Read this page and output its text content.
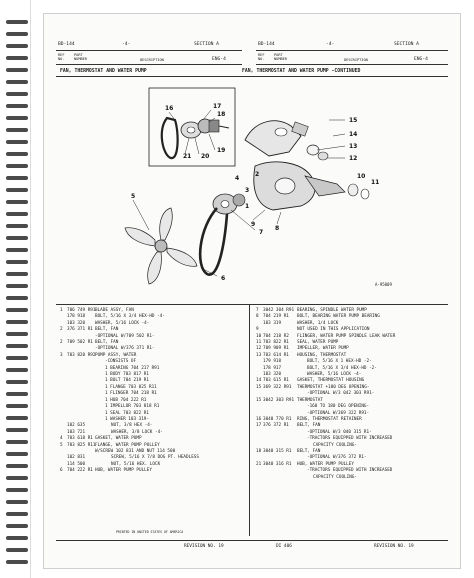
BD-144	-4-	SECTION A
REF
NO.
PART
NUMBER	DESCRIPTION	ENG-4
BD-144	-4-	SECTION A
REF
NO.
PART
NUMBER	DESCRIPTION	ENG-4
FAN, THERMOSTAT AND WATER PUMP	FAN, THERMOSTAT AND WATER PUMP -CONTINUED
16	17
18
19
20
21
15
14
13
12
11
10
9
8
7
6
5
4
3
2
1
A-95009
1	706 749 R91 BLADE ASSY, FAN
178 918	BOLT, 5/16 X 3/4 HEX-HD -4-
103 320	WASHER, 5/16 LOCK -4-
2	376 371 R1 BELT, FAN
-OPTIONAL W/709 502 R1-
2	709 502 R1 BELT, FAN
-OPTIONAL W/376 371 R1-
3	703 820 R92 PUMP ASSY, WATER
-CONSISTS OF
1 BEARING 704 217 R91
1 BODY 703 817 R1
1 BOLT 704 219 R1
1 FLANGE 703 825 R11
1 FLINGER 704 218 R1
1 HUB 704 222 R1
1 IMPELLOR 703 818 R1
1 SEAL 703 822 R1
1 WASHER 103 319-
102 635	NUT, 3/8 HEX -4-
103 721	WASHER, 3/8 LOCK -4-
4	703 618 R1 GASKET, WATER PUMP
5	703 825 R11 FLANGE, WATER PUMP PULLEY
W/SCREW 102 831 AND NUT 114 500
102 831	SCREW, 5/16 X 7/8 DOG PT. HEADLESS
114 500	NUT, 5/16 HEX. LOCK
6	704 222 R1 HUB, WATER PUMP PULLEY
7	3042 304 R91 BEARING, SPINDLE WATER PUMP
8	704 219 R1	BOLT, BEARING WATER PUMP BEARING
103 319	WASHER, 1/4 LOCK
9	NOT USED IN THIS APPLICATION
10 704 218 R2	FLINGER, WATER PUMP SPINDLE LEAK WATER
11 703 822 R1	SEAL, WATER PUMP
12 709 909 R1	IMPELLER, WATER PUMP
13 703 614 R1	HOUSING, THERMOSTAT
179 918	BOLT, 5/16 X 1 HEX-HD -2-
178 917	BOLT, 5/16 X 3/4 HEX-HD -2-
103 320	WASHER, 5/16 LOCK -4-
14 703 615 R1	GASKET, THERMOSTAT HOUSING
15 369 322 R91	THERMOSTAT +180 DEG OPENING-
-OPTIONAL W/3 042 303 R91-
15 3042 303 R91 THERMOSTAT
-160 TO 180 DEG OPENING-
-OPTIONAL W/369 322 R91-
16 3040 770 R1	RING, THERMOSTAT RETAINER
17 376 372 R1	BELT, FAN
-OPTIONAL W/3 040 315 R1-
-TRACTORS EQUIPPED WITH INCREASED
CAPACITY COOLING-
18 3040 315 R1	BELT, FAN
-OPTIONAL W/376 372 R1-
21 3040 316 R1	HUB, WATER PUMP PULLEY
-TRACTORS EQUIPPED WITH INCREASED
CAPACITY COOLING-
PRINTED IN UNITED STATES OF AMERICA
REVISION NO. 19	DI 406	REVISION NO. 19
